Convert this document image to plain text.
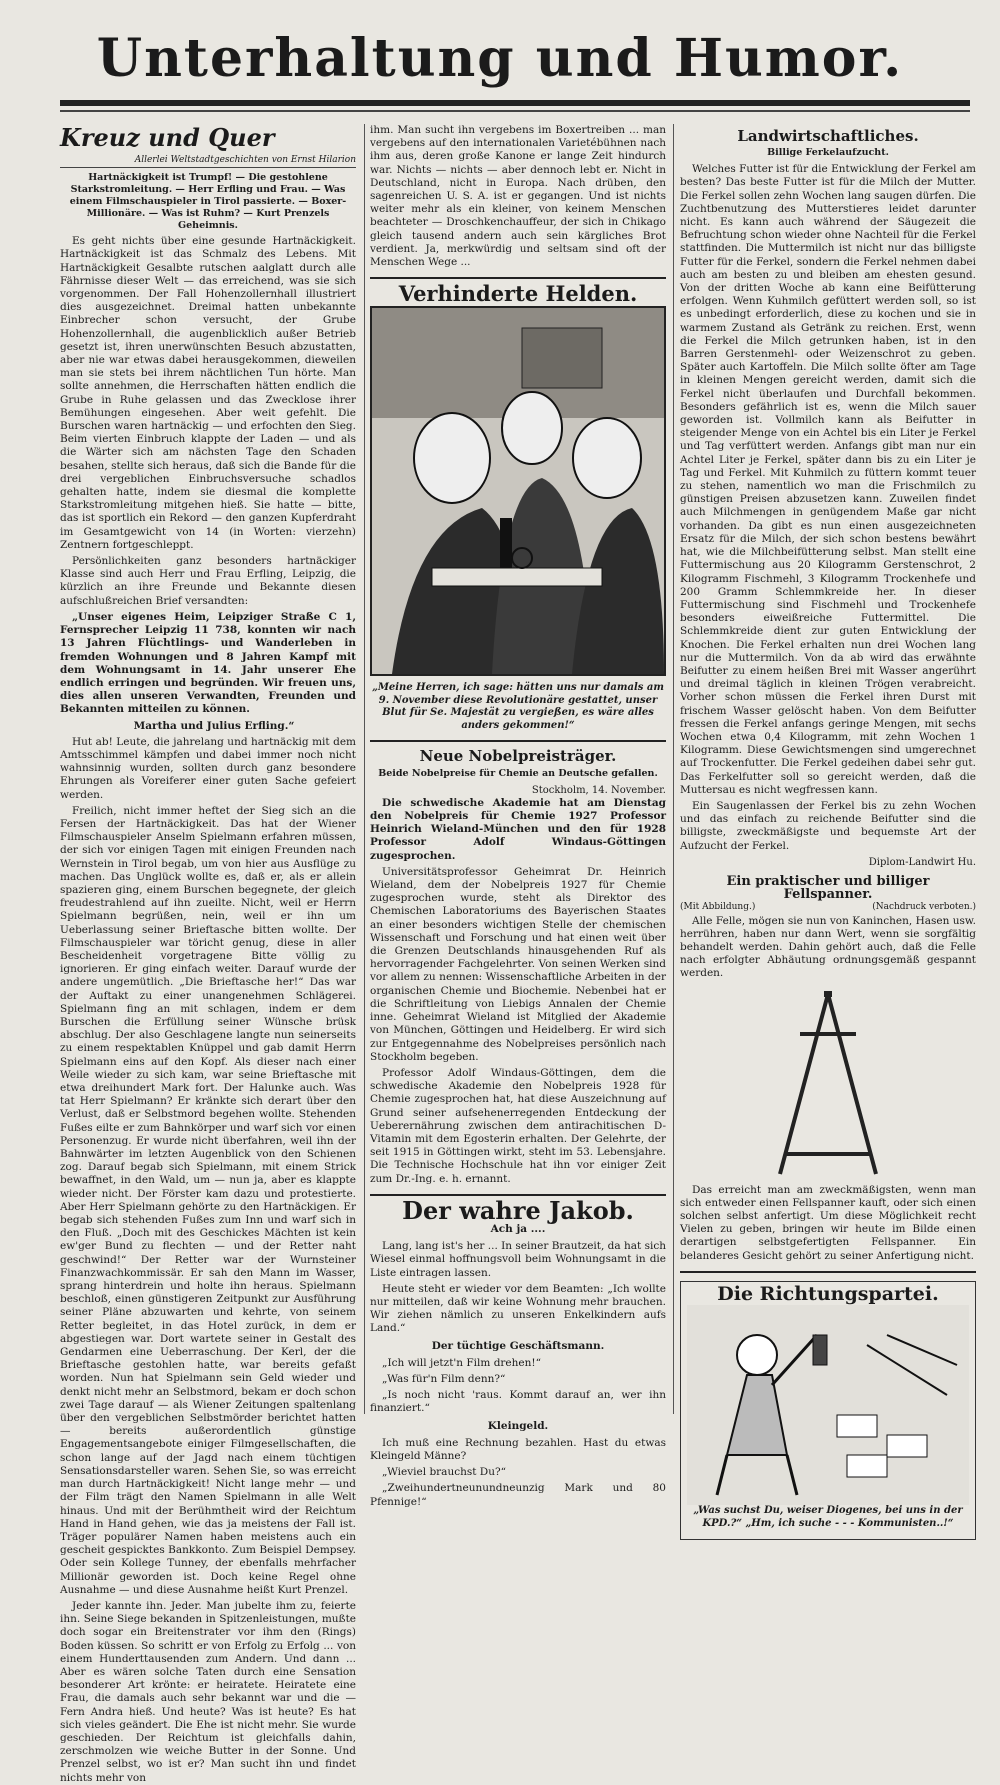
Unterhaltung und Humor.
Kreuz und Quer
Allerlei Weltstadtgeschichten von Ernst Hilarion

Hartnäckigkeit ist Trumpf! — Die gestohlene Starkstromleitung. — Herr Erfling und Frau. — Was einem Filmschauspieler in Tirol passierte. — Boxer-Millionäre. — Was ist Ruhm? — Kurt Prenzels Geheimnis.

Es geht nichts über eine gesunde Hartnäckigkeit. Hartnäckigkeit ist das Schmalz des Lebens. Mit Hartnäckigkeit Gesalbte rutschen aalglatt durch alle Fährnisse dieser Welt — das erreichend, was sie sich vorgenommen. Der Fall Hohenzollernhall illustriert dies ausgezeichnet. Dreimal hatten unbekannte Einbrecher schon versucht, der Grube Hohenzollernhall, die augenblicklich außer Betrieb gesetzt ist, ihren unerwünschten Besuch abzustatten, aber nie war etwas dabei herausgekommen, dieweilen man sie stets bei ihrem nächtlichen Tun hörte. Man sollte annehmen, die Herrschaften hätten endlich die Grube in Ruhe gelassen und das Zwecklose ihrer Bemühungen eingesehen. Aber weit gefehlt. Die Burschen waren hartnäckig — und erfochten den Sieg. Beim vierten Einbruch klappte der Laden — und als die Wärter sich am nächsten Tage den Schaden besahen, stellte sich heraus, daß sich die Bande für die drei vergeblichen Einbruchsversuche schadlos gehalten hatte, indem sie diesmal die komplette Starkstromleitung mitgehen hieß. Sie hatte — bitte, das ist sportlich ein Rekord — den ganzen Kupferdraht im Gesamtgewicht von 14 (in Worten: vierzehn) Zentnern fortgeschleppt.

Persönlichkeiten ganz besonders hartnäckiger Klasse sind auch Herr und Frau Erfling, Leipzig, die kürzlich an ihre Freunde und Bekannte diesen aufschlußreichen Brief versandten:

„Unser eigenes Heim, Leipziger Straße C 1, Fernsprecher Leipzig 11 738, konnten wir nach 13 Jahren Flüchtlings- und Wanderleben in fremden Wohnungen und 8 Jahren Kampf mit dem Wohnungsamt in 14. Jahr unserer Ehe endlich erringen und begründen. Wir freuen uns, dies allen unseren Verwandten, Freunden und Bekannten mitteilen zu können.

Martha und Julius Erfling.“

Hut ab! Leute, die jahrelang und hartnäckig mit dem Amtsschimmel kämpfen und dabei immer noch nicht wahnsinnig wurden, sollten durch ganz besondere Ehrungen als Voreiferer einer guten Sache gefeiert werden.

Freilich, nicht immer heftet der Sieg sich an die Fersen der Hartnäckigkeit. Das hat der Wiener Filmschauspieler Anselm Spielmann erfahren müssen, der sich vor einigen Tagen mit einigen Freunden nach Wernstein in Tirol begab, um von hier aus Ausflüge zu machen. Das Unglück wollte es, daß er, als er allein spazieren ging, einem Burschen begegnete, der gleich freudestrahlend auf ihn zueilte. Nicht, weil er Herrn Spielmann begrüßen, nein, weil er ihn um Ueberlassung seiner Brieftasche bitten wollte. Der Filmschauspieler war töricht genug, diese in aller Bescheidenheit vorgetragene Bitte völlig zu ignorieren. Er ging einfach weiter. Darauf wurde der andere ungemütlich. „Die Brieftasche her!“ Das war der Auftakt zu einer unangenehmen Schlägerei. Spielmann fing an mit schlagen, indem er dem Burschen die Erfüllung seiner Wünsche brüsk abschlug. Der also Geschlagene langte nun seinerseits zu einem respektablen Knüppel und gab damit Herrn Spielmann eins auf den Kopf. Als dieser nach einer Weile wieder zu sich kam, war seine Brieftasche mit etwa dreihundert Mark fort. Der Halunke auch. Was tat Herr Spielmann? Er kränkte sich derart über den Verlust, daß er Selbstmord begehen wollte. Stehenden Fußes eilte er zum Bahnkörper und warf sich vor einen Personenzug. Er wurde nicht überfahren, weil ihn der Bahnwärter im letzten Augenblick von den Schienen zog. Darauf begab sich Spielmann, mit einem Strick bewaffnet, in den Wald, um — nun ja, aber es klappte wieder nicht. Der Förster kam dazu und protestierte. Aber Herr Spielmann gehörte zu den Hartnäckigen. Er begab sich stehenden Fußes zum Inn und warf sich in den Fluß. „Doch mit des Geschickes Mächten ist kein ew'ger Bund zu flechten — und der Retter naht geschwind!“ Der Retter war der Wurnsteiner Finanzwachkommissär. Er sah den Mann im Wasser, sprang hinterdrein und holte ihn heraus. Spielmann beschloß, einen günstigeren Zeitpunkt zur Ausführung seiner Pläne abzuwarten und kehrte, von seinem Retter begleitet, in das Hotel zurück, in dem er abgestiegen war. Dort wartete seiner in Gestalt des Gendarmen eine Ueberraschung. Der Kerl, der die Brieftasche gestohlen hatte, war bereits gefaßt worden. Nun hat Spielmann sein Geld wieder und denkt nicht mehr an Selbstmord, bekam er doch schon zwei Tage darauf — als Wiener Zeitungen spaltenlang über den vergeblichen Selbstmörder berichtet hatten — bereits außerordentlich günstige Engagementsangebote einiger Filmgesellschaften, die schon lange auf der Jagd nach einem tüchtigen Sensationsdarsteller waren. Sehen Sie, so was erreicht man durch Hartnäckigkeit! Nicht lange mehr — und der Film trägt den Namen Spielmann in alle Welt hinaus. Und mit der Berühmtheit wird der Reichtum Hand in Hand gehen, wie das ja meistens der Fall ist. Träger populärer Namen haben meistens auch ein gescheit gespicktes Bankkonto. Zum Beispiel Dempsey. Oder sein Kollege Tunney, der ebenfalls mehrfacher Millionär geworden ist. Doch keine Regel ohne Ausnahme — und diese Ausnahme heißt Kurt Prenzel.

Jeder kannte ihn. Jeder. Man jubelte ihm zu, feierte ihn. Seine Siege bekanden in Spitzenleistungen, mußte doch sogar ein Breitenstrater vor ihm den (Rings) Boden küssen. So schritt er von Erfolg zu Erfolg ... von einem Hunderttausenden zum Andern. Und dann ... Aber es wären solche Taten durch eine Sensation besonderer Art krönte: er heiratete. Heiratete eine Frau, die damals auch sehr bekannt war und die — Fern Andra hieß. Und heute? Was ist heute? Es hat sich vieles geändert. Die Ehe ist nicht mehr. Sie wurde geschieden. Der Reichtum ist gleichfalls dahin, zerschmolzen wie weiche Butter in der Sonne. Und Prenzel selbst, wo ist er? Man sucht ihn und findet nichts mehr von

ihm. Man sucht ihn vergebens im Boxertreiben ... man vergebens auf den internationalen Varietébühnen nach ihm aus, deren große Kanone er lange Zeit hindurch war. Nichts — nichts — aber dennoch lebt er. Nicht in Deutschland, nicht in Europa. Nach drüben, den sagenreichen U. S. A. ist er gegangen. Und ist nichts weiter mehr als ein kleiner, von keinem Menschen beachteter — Droschkenchauffeur, der sich in Chikago gleich tausend andern auch sein kärgliches Brot verdient. Ja, merkwürdig und seltsam sind oft der Menschen Wege ...

Verhinderte Helden.

„Meine Herren, ich sage: hätten uns nur damals am 9. November diese Revolutionäre gestattet, unser Blut für Se. Majestät zu vergießen, es wäre alles anders gekommen!“

Neue Nobelpreisträger.
Beide Nobelpreise für Chemie an Deutsche gefallen.
Stockholm, 14. November.

Die schwedische Akademie hat am Dienstag den Nobelpreis für Chemie 1927 Professor Heinrich Wieland-München und den für 1928 Professor Adolf Windaus-Göttingen zugesprochen.

Universitätsprofessor Geheimrat Dr. Heinrich Wieland, dem der Nobelpreis 1927 für Chemie zugesprochen wurde, steht als Direktor des Chemischen Laboratoriums des Bayerischen Staates an einer besonders wichtigen Stelle der chemischen Wissenschaft und Forschung und hat einen weit über die Grenzen Deutschlands hinausgehenden Ruf als hervorragender Fachgelehrter. Von seinen Werken sind vor allem zu nennen: Wissenschaftliche Arbeiten in der organischen Chemie und Biochemie. Nebenbei hat er die Schriftleitung von Liebigs Annalen der Chemie inne. Geheimrat Wieland ist Mitglied der Akademie von München, Göttingen und Heidelberg. Er wird sich zur Entgegennahme des Nobelpreises persönlich nach Stockholm begeben.

Professor Adolf Windaus-Göttingen, dem die schwedische Akademie den Nobelpreis 1928 für Chemie zugesprochen hat, hat diese Auszeichnung auf Grund seiner aufsehenerregenden Entdeckung der Ueberernährung zwischen dem antirachitischen D-Vitamin mit dem Egosterin erhalten. Der Gelehrte, der seit 1915 in Göttingen wirkt, steht im 53. Lebensjahre. Die Technische Hochschule hat ihn vor einiger Zeit zum Dr.-Ing. e. h. ernannt.

Der wahre Jakob.
Ach ja ....

Lang, lang ist's her ... In seiner Brautzeit, da hat sich Wiesel einmal hoffnungsvoll beim Wohnungsamt in die Liste eintragen lassen.

Heute steht er wieder vor dem Beamten: „Ich wollte nur mitteilen, daß wir keine Wohnung mehr brauchen. Wir ziehen nämlich zu unseren Enkelkindern aufs Land.“

Der tüchtige Geschäftsmann.

„Ich will jetzt'n Film drehen!“

„Was für'n Film denn?“

„Is noch nicht 'raus. Kommt darauf an, wer ihn finanziert.“

Kleingeld.

Ich muß eine Rechnung bezahlen. Hast du etwas Kleingeld Männe?

„Wieviel brauchst Du?“

„Zweihundertneunundneunzig Mark und 80 Pfennige!“

Landwirtschaftliches.
Billige Ferkelaufzucht.

Welches Futter ist für die Entwicklung der Ferkel am besten? Das beste Futter ist für die Milch der Mutter. Die Ferkel sollen zehn Wochen lang saugen dürfen. Die Zuchtbenutzung des Mutterstieres leidet darunter nicht. Es kann auch während der Säugezeit die Befruchtung schon wieder ohne Nachteil für die Ferkel stattfinden. Die Muttermilch ist nicht nur das billigste Futter für die Ferkel, sondern die Ferkel nehmen dabei auch am besten zu und bleiben am ehesten gesund. Von der dritten Woche ab kann eine Beifütterung erfolgen. Wenn Kuhmilch gefüttert werden soll, so ist es unbedingt erforderlich, diese zu kochen und sie in warmem Zustand als Getränk zu reichen. Erst, wenn die Ferkel die Milch getrunken haben, ist in den Barren Gerstenmehl- oder Weizenschrot zu geben. Später auch Kartoffeln. Die Milch sollte öfter am Tage in kleinen Mengen gereicht werden, damit sich die Ferkel nicht überlaufen und Durchfall bekommen. Besonders gefährlich ist es, wenn die Milch sauer geworden ist. Vollmilch kann als Beifutter in steigender Menge von ein Achtel bis ein Liter je Ferkel und Tag verfüttert werden. Anfangs gibt man nur ein Achtel Liter je Ferkel, später dann bis zu ein Liter je Tag und Ferkel. Mit Kuhmilch zu füttern kommt teuer zu stehen, namentlich wo man die Frischmilch zu günstigen Preisen abzusetzen kann. Zuweilen findet auch Milchmengen in genügendem Maße gar nicht vorhanden. Da gibt es nun einen ausgezeichneten Ersatz für die Milch, der sich schon bestens bewährt hat, wie die Milchbeifütterung selbst. Man stellt eine Futtermischung aus 20 Kilogramm Gerstenschrot, 2 Kilogramm Fischmehl, 3 Kilogramm Trockenhefe und 200 Gramm Schlemmkreide her. In dieser Futtermischung sind Fischmehl und Trockenhefe besonders eiweißreiche Futtermittel. Die Schlemmkreide dient zur guten Entwicklung der Knochen. Die Ferkel erhalten nun drei Wochen lang nur die Muttermilch. Von da ab wird das erwähnte Beifutter zu einem heißen Brei mit Wasser angerührt und dreimal täglich in kleinen Trögen verabreicht. Vorher schon müssen die Ferkel ihren Durst mit frischem Wasser gelöscht haben. Von dem Beifutter fressen die Ferkel anfangs geringe Mengen, mit sechs Wochen etwa 0,4 Kilogramm, mit zehn Wochen 1 Kilogramm. Diese Gewichtsmengen sind umgerechnet auf Trockenfutter. Die Ferkel gedeihen dabei sehr gut. Das Ferkelfutter soll so gereicht werden, daß die Muttersau es nicht wegfressen kann.

Ein Saugenlassen der Ferkel bis zu zehn Wochen und das einfach zu reichende Beifutter sind die billigste, zweckmäßigste und bequemste Art der Aufzucht der Ferkel.

Diplom-Landwirt Hu.
Ein praktischer und billiger Fellspanner.
(Mit Abbildung.)	(Nachdruck verboten.)

Alle Felle, mögen sie nun von Kaninchen, Hasen usw. herrühren, haben nur dann Wert, wenn sie sorgfältig behandelt werden. Dahin gehört auch, daß die Felle nach erfolgter Abhäutung ordnungsgemäß gespannt werden.

Das erreicht man am zweckmäßigsten, wenn man sich entweder einen Fellspanner kauft, oder sich einen solchen selbst anfertigt. Um diese Möglichkeit recht Vielen zu geben, bringen wir heute im Bilde einen derartigen selbstgefertigten Fellspanner. Ein belanderes Gesicht gehört zu seiner Anfertigung nicht.

Die Richtungspartei.

„Was suchst Du, weiser Diogenes, bei uns in der KPD.?“ „Hm, ich suche - - - Kommunisten..!“
